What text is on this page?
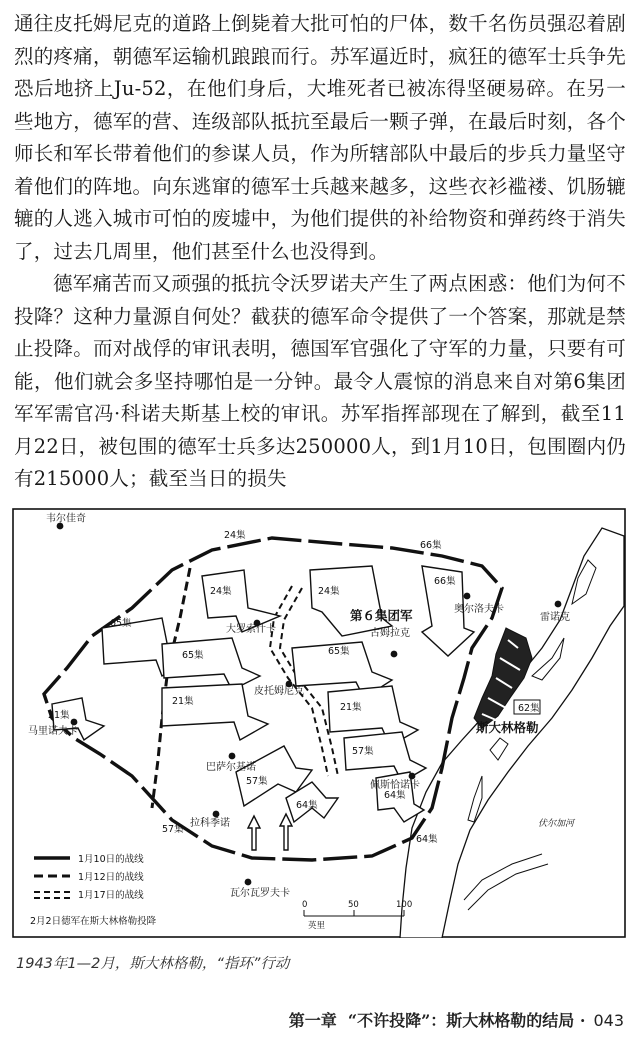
通往皮托姆尼克的道路上倒毙着大批可怕的尸体，数千名伤员强忍着剧烈的疼痛，朝德军运输机踉踉而行。苏军逼近时，疯狂的德军士兵争先恐后地挤上Ju-52，在他们身后，大堆死者已被冻得坚硬易碎。在另一些地方，德军的营、连级部队抵抗至最后一颗子弹，在最后时刻，各个师长和军长带着他们的参谋人员，作为所辖部队中最后的步兵力量坚守着他们的阵地。向东逃窜的德军士兵越来越多，这些衣衫褴褛、饥肠辘辘的人逃入城市可怕的废墟中，为他们提供的补给物资和弹药终于消失了，过去几周里，他们甚至什么也没得到。

德军痛苦而又顽强的抵抗令沃罗诺夫产生了两点困惑：他们为何不投降？这种力量源自何处？截获的德军命令提供了一个答案，那就是禁止投降。而对战俘的审讯表明，德国军官强化了守军的力量，只要有可能，他们就会多坚持哪怕是一分钟。最令人震惊的消息来自对第6集团军军需官冯·科诺夫斯基上校的审讯。苏军指挥部现在了解到，截至11月22日，被包围的德军士兵多达250000人，到1月10日，包围圈内仍有215000人；截至当日的损失

韦尔佳奇
大罗索什卡
皮托姆尼克
古姆拉克
奥尔洛夫卡
雷诺克
马里诺夫卡
巴萨尔基诺
拉科季诺
佩斯恰诺卡
瓦尔瓦罗夫卡
第６集团军
斯大林格勒
伏尔加河
24集
66集
65集
24集	24集
66集
65集	65集
21集
21集
21集
57集
57集
57集
64集
64集
64集
62集
1月10日的战线
1月12日的战线
1月17日的战线
2月2日德军在斯大林格勒投降
0	50	100
英里
1943年1—2月，斯大林格勒，“指环”行动
第一章  “不许投降”：斯大林格勒的结局 · 043
